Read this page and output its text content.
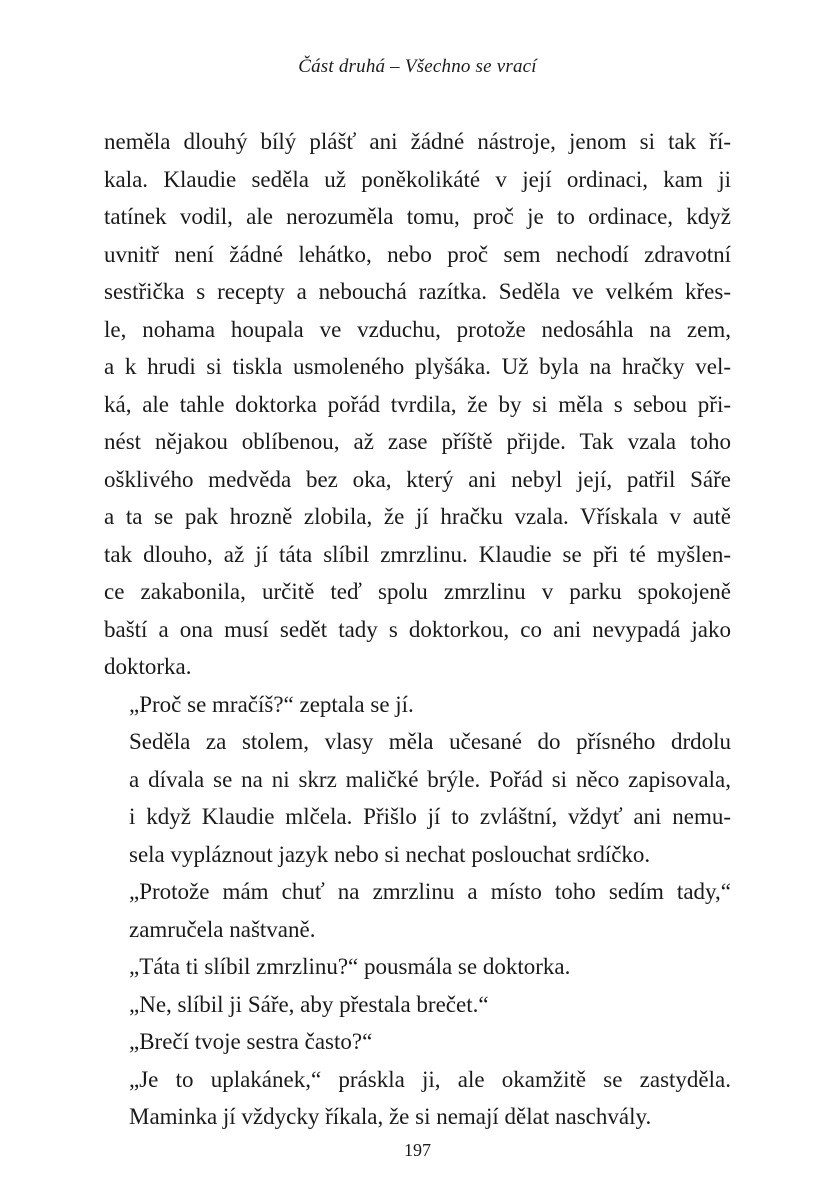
Část druhá – Všechno se vrací

neměla dlouhý bílý plášť ani žádné nástroje, jenom si tak ří-
kala. Klaudie seděla už poněkolikáté v její ordinaci, kam ji
tatínek vodil, ale nerozuměla tomu, proč je to ordinace, když
uvnitř není žádné lehátko, nebo proč sem nechodí zdravotní
sestřička s recepty a nebouchá razítka. Seděla ve velkém křes-
le, nohama houpala ve vzduchu, protože nedosáhla na zem,
a k hrudi si tiskla usmoleného plyšáka. Už byla na hračky vel-
ká, ale tahle doktorka pořád tvrdila, že by si měla s sebou při-
nést nějakou oblíbenou, až zase příště přijde. Tak vzala toho
ošklivého medvěda bez oka, který ani nebyl její, patřil Sáře
a ta se pak hrozně zlobila, že jí hračku vzala. Vřískala v autě
tak dlouho, až jí táta slíbil zmrzlinu. Klaudie se při té myšlen-
ce zakabonila, určitě teď spolu zmrzlinu v parku spokojeně
baští a ona musí sedět tady s doktorkou, co ani nevypadá jako
doktorka.

„Proč se mračíš?“ zeptala se jí.

Seděla za stolem, vlasy měla učesané do přísného drdolu
a dívala se na ni skrz maličké brýle. Pořád si něco zapisovala,
i když Klaudie mlčela. Přišlo jí to zvláštní, vždyť ani nemu-
sela vypláznout jazyk nebo si nechat poslouchat srdíčko.

„Protože mám chuť na zmrzlinu a místo toho sedím tady,“
zamručela naštvaně.

„Táta ti slíbil zmrzlinu?“ pousmála se doktorka.

„Ne, slíbil ji Sáře, aby přestala brečet.“

„Brečí tvoje sestra často?“

„Je to uplakánek,“ práskla ji, ale okamžitě se zastyděla.
Maminka jí vždycky říkala, že si nemají dělat naschvály.

197
